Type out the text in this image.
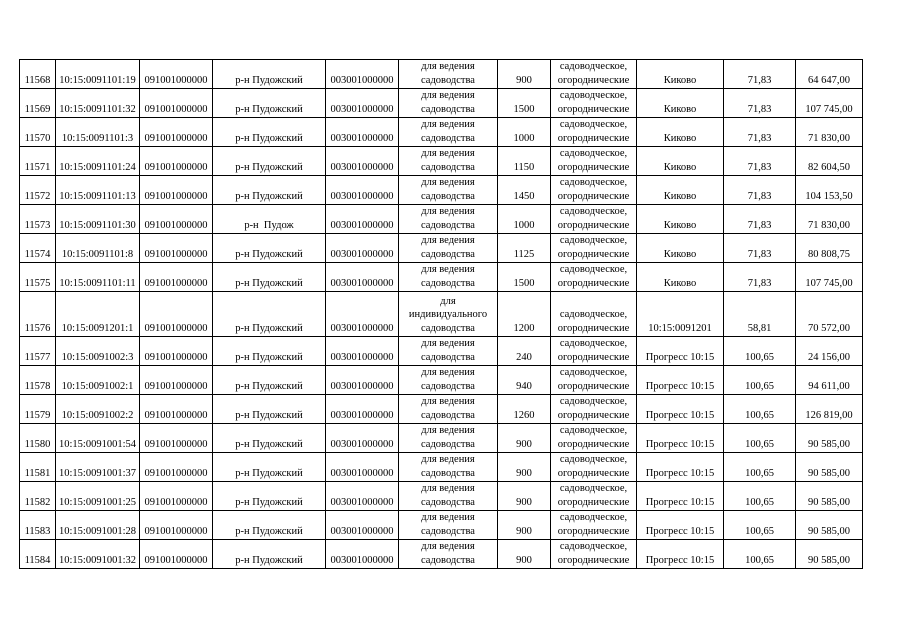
11568	10:15:0091101:19	091001000000	р-н Пудожский	003001000000	для ведения садоводства	900	садоводческое, огороднические	Киково	71,83	64 647,00
11569	10:15:0091101:32	091001000000	р-н Пудожский	003001000000	для ведения садоводства	1500	садоводческое, огороднические	Киково	71,83	107 745,00
11570	10:15:0091101:3	091001000000	р-н Пудожский	003001000000	для ведения садоводства	1000	садоводческое, огороднические	Киково	71,83	71 830,00
11571	10:15:0091101:24	091001000000	р-н Пудожский	003001000000	для ведения садоводства	1150	садоводческое, огороднические	Киково	71,83	82 604,50
11572	10:15:0091101:13	091001000000	р-н Пудожский	003001000000	для ведения садоводства	1450	садоводческое, огороднические	Киково	71,83	104 153,50
11573	10:15:0091101:30	091001000000	р-н  Пудож	003001000000	для ведения садоводства	1000	садоводческое, огороднические	Киково	71,83	71 830,00
11574	10:15:0091101:8	091001000000	р-н Пудожский	003001000000	для ведения садоводства	1125	садоводческое, огороднические	Киково	71,83	80 808,75
11575	10:15:0091101:11	091001000000	р-н Пудожский	003001000000	для ведения садоводства	1500	садоводческое, огороднические	Киково	71,83	107 745,00
11576	10:15:0091201:1	091001000000	р-н Пудожский	003001000000	для индивидуального садоводства	1200	садоводческое, огороднические	10:15:0091201	58,81	70 572,00
11577	10:15:0091002:3	091001000000	р-н Пудожский	003001000000	для ведения садоводства	240	садоводческое, огороднические	Прогресс 10:15	100,65	24 156,00
11578	10:15:0091002:1	091001000000	р-н Пудожский	003001000000	для ведения садоводства	940	садоводческое, огороднические	Прогресс 10:15	100,65	94 611,00
11579	10:15:0091002:2	091001000000	р-н Пудожский	003001000000	для ведения садоводства	1260	садоводческое, огороднические	Прогресс 10:15	100,65	126 819,00
11580	10:15:0091001:54	091001000000	р-н Пудожский	003001000000	для ведения садоводства	900	садоводческое, огороднические	Прогресс 10:15	100,65	90 585,00
11581	10:15:0091001:37	091001000000	р-н Пудожский	003001000000	для ведения садоводства	900	садоводческое, огороднические	Прогресс 10:15	100,65	90 585,00
11582	10:15:0091001:25	091001000000	р-н Пудожский	003001000000	для ведения садоводства	900	садоводческое, огороднические	Прогресс 10:15	100,65	90 585,00
11583	10:15:0091001:28	091001000000	р-н Пудожский	003001000000	для ведения садоводства	900	садоводческое, огороднические	Прогресс 10:15	100,65	90 585,00
11584	10:15:0091001:32	091001000000	р-н Пудожский	003001000000	для ведения садоводства	900	садоводческое, огороднические	Прогресс 10:15	100,65	90 585,00
